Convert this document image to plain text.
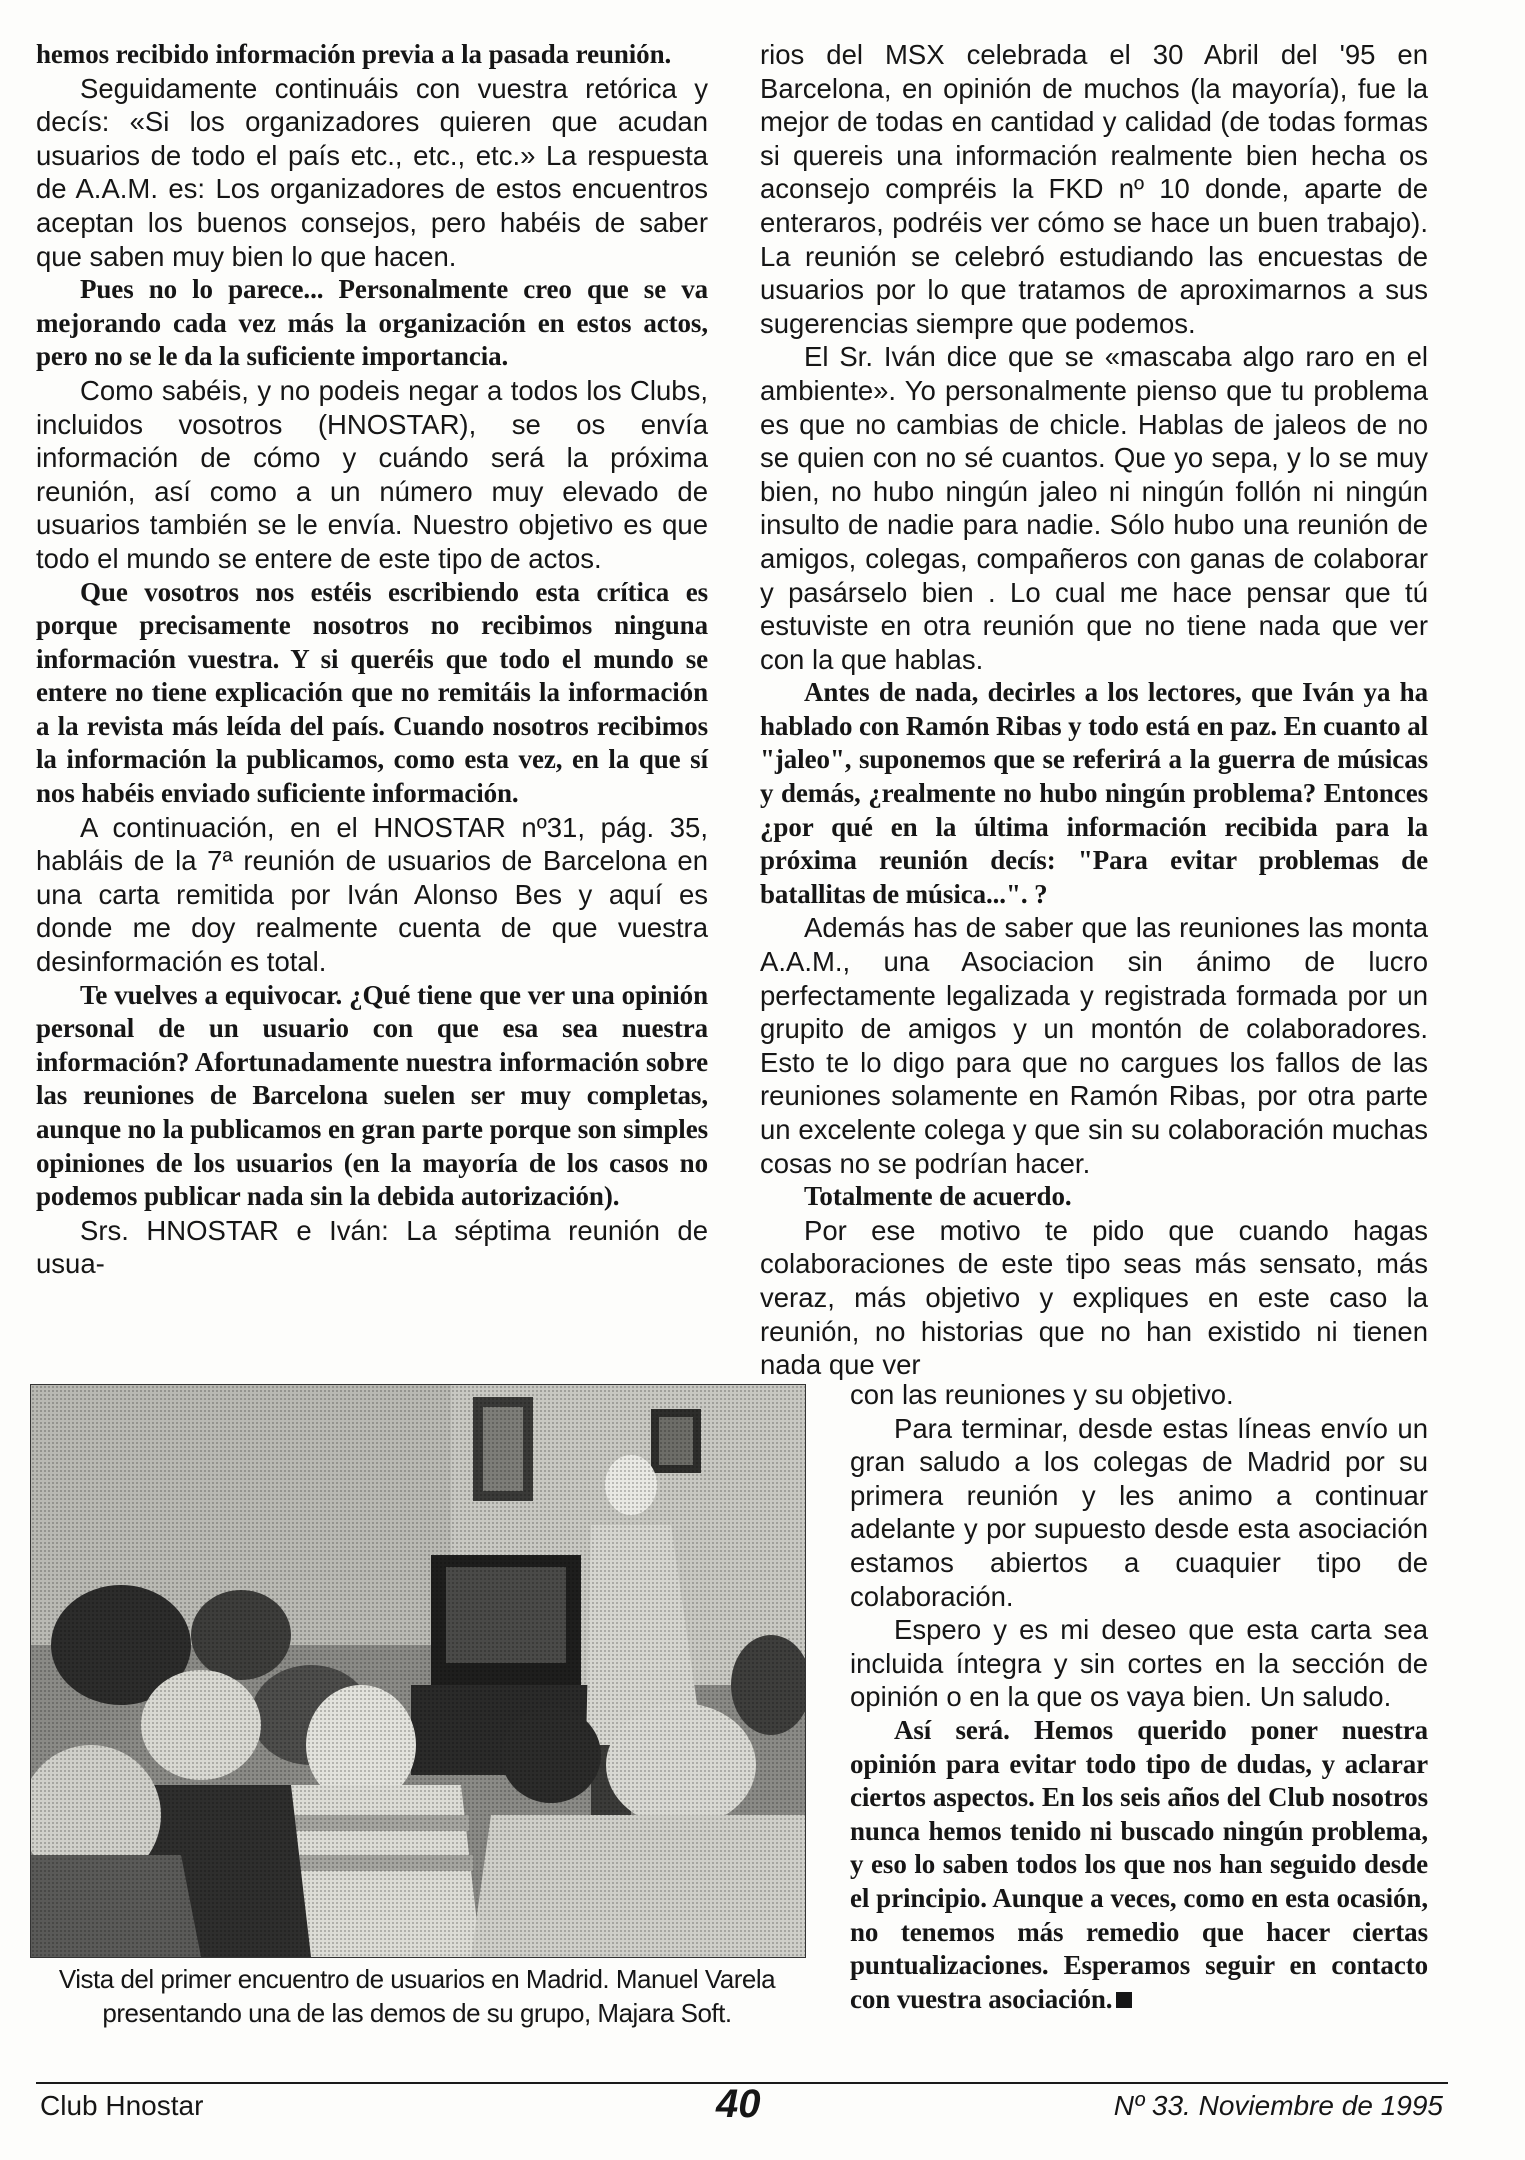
hemos recibido información previa a la pasada reunión.

Seguidamente continuáis con vuestra retórica y decís: «Si los organizadores quieren que acudan usuarios de todo el país etc., etc., etc.» La respuesta de A.A.M. es: Los organizadores de estos encuentros aceptan los buenos consejos, pero habéis de saber que saben muy bien lo que hacen.

Pues no lo parece... Personalmente creo que se va mejorando cada vez más la organización en estos actos, pero no se le da la suficiente importancia.

Como sabéis, y no podeis negar a todos los Clubs, incluidos vosotros (HNOSTAR), se os envía información de cómo y cuándo será la próxima reunión, así como a un número muy elevado de usuarios también se le envía. Nuestro objetivo es que todo el mundo se entere de este tipo de actos.

Que vosotros nos estéis escribiendo esta crítica es porque precisamente nosotros no recibimos ninguna información vuestra. Y si queréis que todo el mundo se entere no tiene explicación que no remitáis la información a la revista más leída del país. Cuando nosotros recibimos la información la publicamos, como esta vez, en la que sí nos habéis enviado suficiente información.

A continuación, en el HNOSTAR nº31, pág. 35, habláis de la 7ª reunión de usuarios de Barcelona en una carta remitida por Iván Alonso Bes y aquí es donde me doy realmente cuenta de que vuestra desinformación es total.

Te vuelves a equivocar. ¿Qué tiene que ver una opinión personal de un usuario con que esa sea nuestra información? Afortunadamente nuestra información sobre las reuniones de Barcelona suelen ser muy completas, aunque no la publicamos en gran parte porque son simples opiniones de los usuarios (en la mayoría de los casos no podemos publicar nada sin la debida autorización).

Srs. HNOSTAR e Iván: La séptima reunión de usua-

rios del MSX celebrada el 30 Abril del '95 en Barcelona, en opinión de muchos (la mayoría), fue la mejor de todas en cantidad y calidad (de todas formas si quereis una información realmente bien hecha os aconsejo compréis la FKD nº 10 donde, aparte de enteraros, podréis ver cómo se hace un buen trabajo). La reunión se celebró estudiando las encuestas de usuarios por lo que tratamos de aproximarnos a sus sugerencias siempre que podemos.

El Sr. Iván dice que se «mascaba algo raro en el ambiente». Yo personalmente pienso que tu problema es que no cambias de chicle. Hablas de jaleos de no se quien con no sé cuantos. Que yo sepa, y lo se muy bien, no hubo ningún jaleo ni ningún follón ni ningún insulto de nadie para nadie. Sólo hubo una reunión de amigos, colegas, compañeros con ganas de colaborar y pasárselo bien . Lo cual me hace pensar que tú estuviste en otra reunión que no tiene nada que ver con la que hablas.

Antes de nada, decirles a los lectores, que Iván ya ha hablado con Ramón Ribas y todo está en paz. En cuanto al "jaleo", suponemos que se referirá a la guerra de músicas y demás, ¿realmente no hubo ningún problema? Entonces ¿por qué en la última información recibida para la próxima reunión decís: "Para evitar problemas de batallitas de música...". ?

Además has de saber que las reuniones las monta A.A.M., una Asociacion sin ánimo de lucro perfectamente legalizada y registrada formada por un grupito de amigos y un montón de colaboradores. Esto te lo digo para que no cargues los fallos de las reuniones solamente en Ramón Ribas, por otra parte un excelente colega y que sin su colaboración muchas cosas no se podrían hacer.

Totalmente de acuerdo.

Por ese motivo te pido que cuando hagas colaboraciones de este tipo seas más sensato, más veraz, más objetivo y expliques en este caso la reunión, no historias que no han existido ni tienen nada que ver

con las reuniones y su objetivo.

Para terminar, desde estas líneas envío un gran saludo a los colegas de Madrid por su primera reunión y les animo a continuar adelante y por supuesto desde esta asociación estamos abiertos a cuaquier tipo de colaboración.

Espero y es mi deseo que esta carta sea incluida íntegra y sin cortes en la sección de opinión o en la que os vaya bien. Un saludo.

Así será. Hemos querido poner nuestra opinión para evitar todo tipo de dudas, y aclarar ciertos aspectos. En los seis años del Club nosotros nunca hemos tenido ni buscado ningún problema, y eso lo saben todos los que nos han seguido desde el principio. Aunque a veces, como en esta ocasión, no tenemos más remedio que hacer ciertas puntualizaciones. Esperamos seguir en contacto con vuestra asociación.

Vista del primer encuentro de usuarios en Madrid. Manuel Varela presentando una de las demos de su grupo, Majara Soft.
Club Hnostar	40	Nº 33. Noviembre de 1995
